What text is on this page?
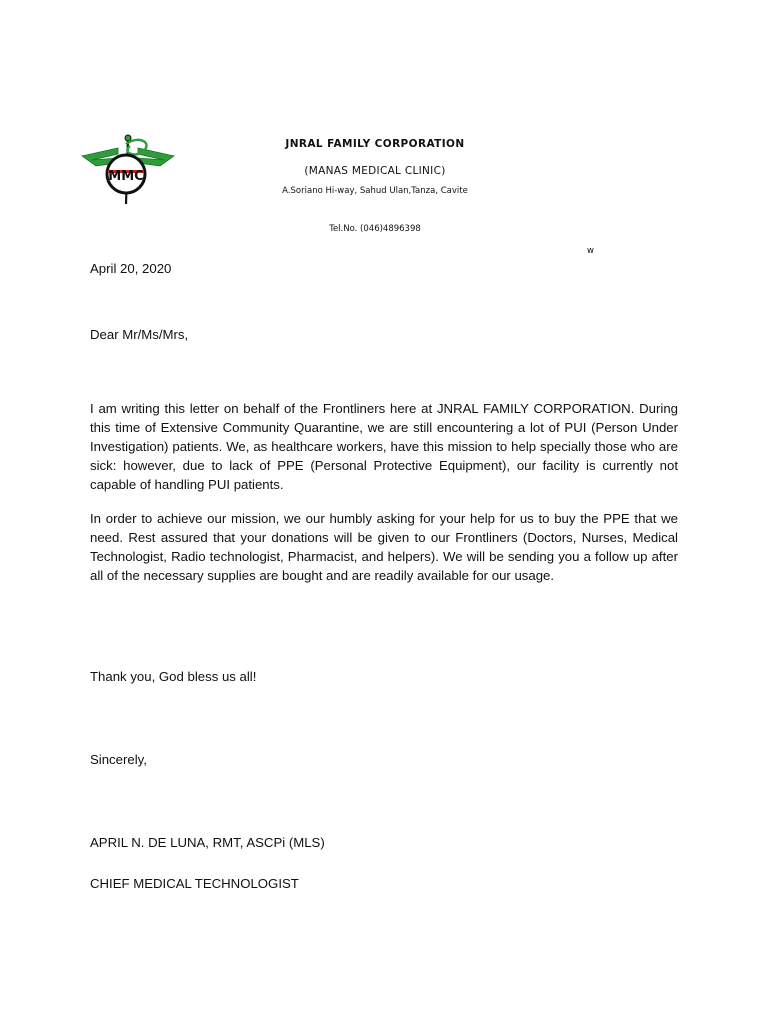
MMC
JNRAL FAMILY CORPORATION
(MANAS MEDICAL CLINIC)
A.Soriano Hi-way, Sahud Ulan,Tanza, Cavite
Tel.No. (046)4896398
w
April 20, 2020
Dear Mr/Ms/Mrs,
I am writing this letter on behalf of the Frontliners here at JNRAL FAMILY CORPORATION. During this time of Extensive Community Quarantine, we are still encountering a lot of PUI (Person Under Investigation) patients. We, as healthcare workers, have this mission to help specially those who are sick: however, due to lack of PPE (Personal Protective Equipment), our facility is currently not capable of handling PUI patients.
In order to achieve our mission, we our humbly asking for your help for us to buy the PPE that we need. Rest assured that your donations will be given to our Frontliners (Doctors, Nurses, Medical Technologist, Radio technologist, Pharmacist, and helpers). We will be sending you a follow up after all of the necessary supplies are bought and are readily available for our usage.
Thank you, God bless us all!
Sincerely,
APRIL N. DE LUNA, RMT, ASCPi (MLS)
CHIEF MEDICAL TECHNOLOGIST
